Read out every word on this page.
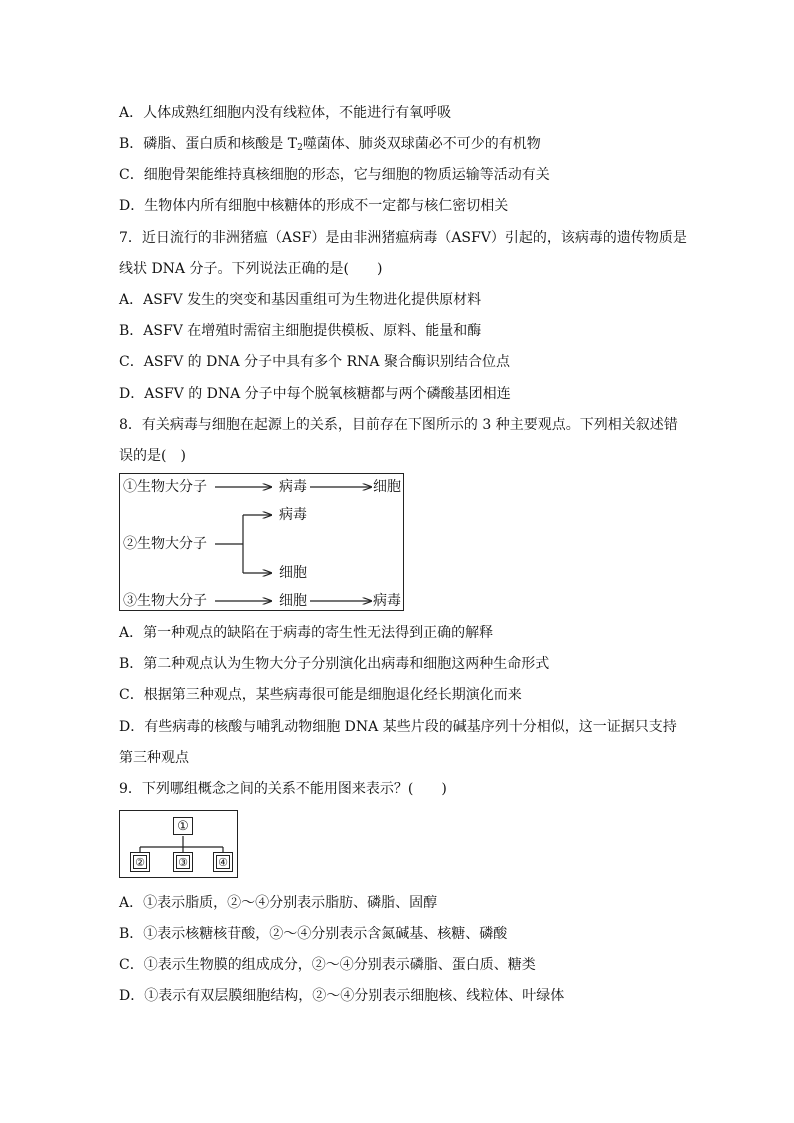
A．人体成熟红细胞内没有线粒体，不能进行有氧呼吸
B．磷脂、蛋白质和核酸是 $T_2$噬菌体、肺炎双球菌必不可少的有机物
C．细胞骨架能维持真核细胞的形态，它与细胞的物质运输等活动有关
D．生物体内所有细胞中核糖体的形成不一定都与核仁密切相关
7．近日流行的非洲猪瘟（ASF）是由非洲猪瘟病毒（ASFV）引起的，该病毒的遗传物质是
线状 DNA 分子。下列说法正确的是(　　)
A．ASFV 发生的突变和基因重组可为生物进化提供原材料
B．ASFV 在增殖时需宿主细胞提供模板、原料、能量和酶
C．ASFV 的 DNA 分子中具有多个 RNA 聚合酶识别结合位点
D．ASFV 的 DNA 分子中每个脱氧核糖都与两个磷酸基团相连
8．有关病毒与细胞在起源上的关系，目前存在下图所示的 3 种主要观点。下列相关叙述错
误的是(　)
①生物大分子	病毒	细胞
病毒
②生物大分子
细胞
③生物大分子	细胞	病毒
A．第一种观点的缺陷在于病毒的寄生性无法得到正确的解释
B．第二种观点认为生物大分子分别演化出病毒和细胞这两种生命形式
C．根据第三种观点，某些病毒很可能是细胞退化经长期演化而来
D．有些病毒的核酸与哺乳动物细胞 DNA 某些片段的碱基序列十分相似，这一证据只支持
第三种观点
9．下列哪组概念之间的关系不能用图来表示？(　　)
①
②	③	④
A．①表示脂质，②～④分别表示脂肪、磷脂、固醇
B．①表示核糖核苷酸，②～④分别表示含氮碱基、核糖、磷酸
C．①表示生物膜的组成成分，②～④分别表示磷脂、蛋白质、糖类
D．①表示有双层膜细胞结构，②～④分别表示细胞核、线粒体、叶绿体
